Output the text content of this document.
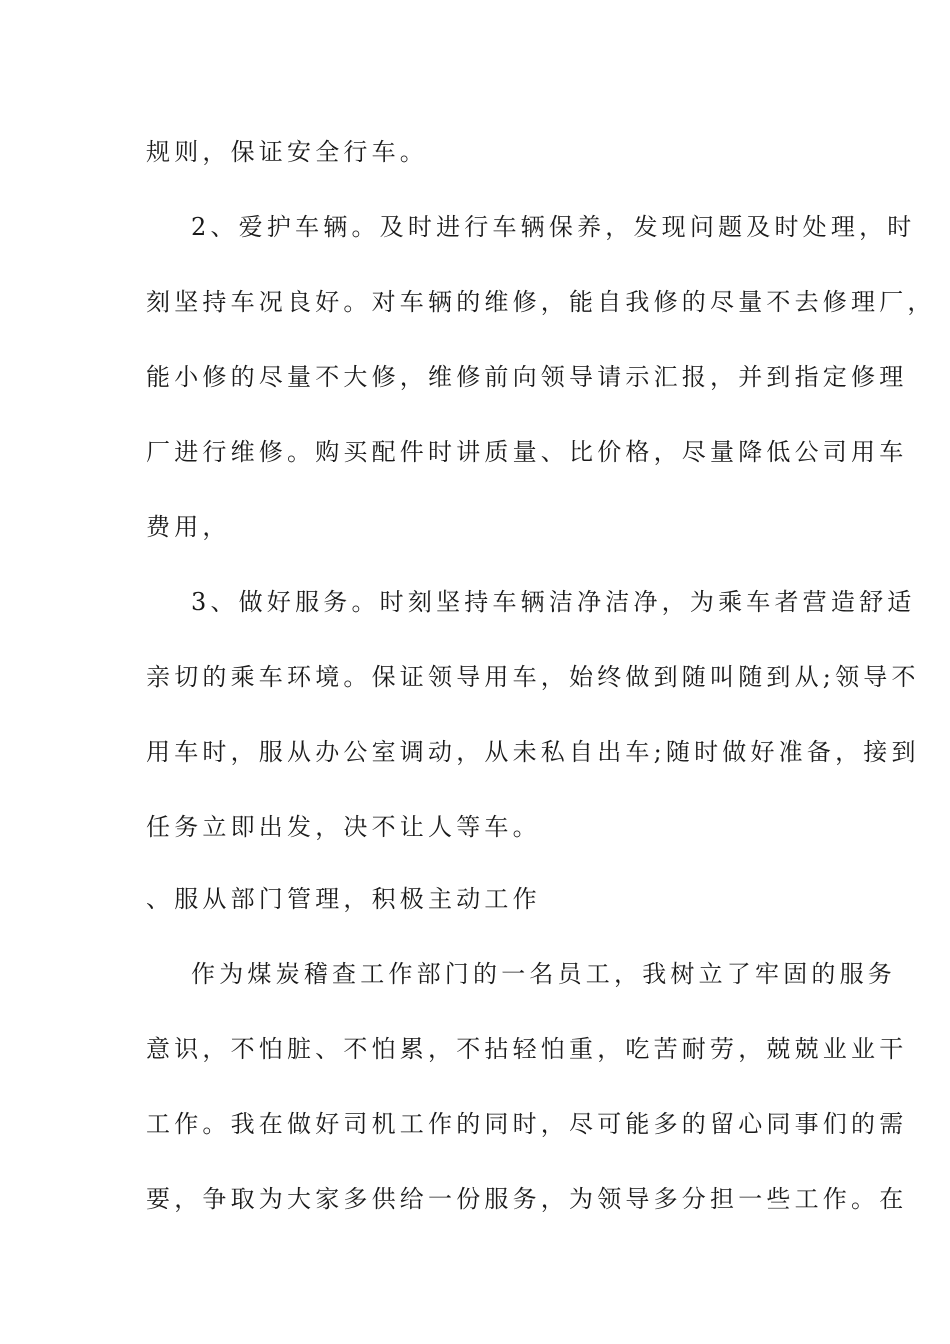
规则，保证安全行车。
2、爱护车辆。及时进行车辆保养，发现问题及时处理，时
刻坚持车况良好。对车辆的维修，能自我修的尽量不去修理厂，
能小修的尽量不大修，维修前向领导请示汇报，并到指定修理
厂进行维修。购买配件时讲质量、比价格，尽量降低公司用车
费用，
3、做好服务。时刻坚持车辆洁净洁净，为乘车者营造舒适
亲切的乘车环境。保证领导用车，始终做到随叫随到从;领导不
用车时，服从办公室调动，从未私自出车;随时做好准备，接到
任务立即出发，决不让人等车。
、服从部门管理，积极主动工作
作为煤炭稽查工作部门的一名员工，我树立了牢固的服务
意识，不怕脏、不怕累，不拈轻怕重，吃苦耐劳，兢兢业业干
工作。我在做好司机工作的同时，尽可能多的留心同事们的需
要，争取为大家多供给一份服务，为领导多分担一些工作。在
